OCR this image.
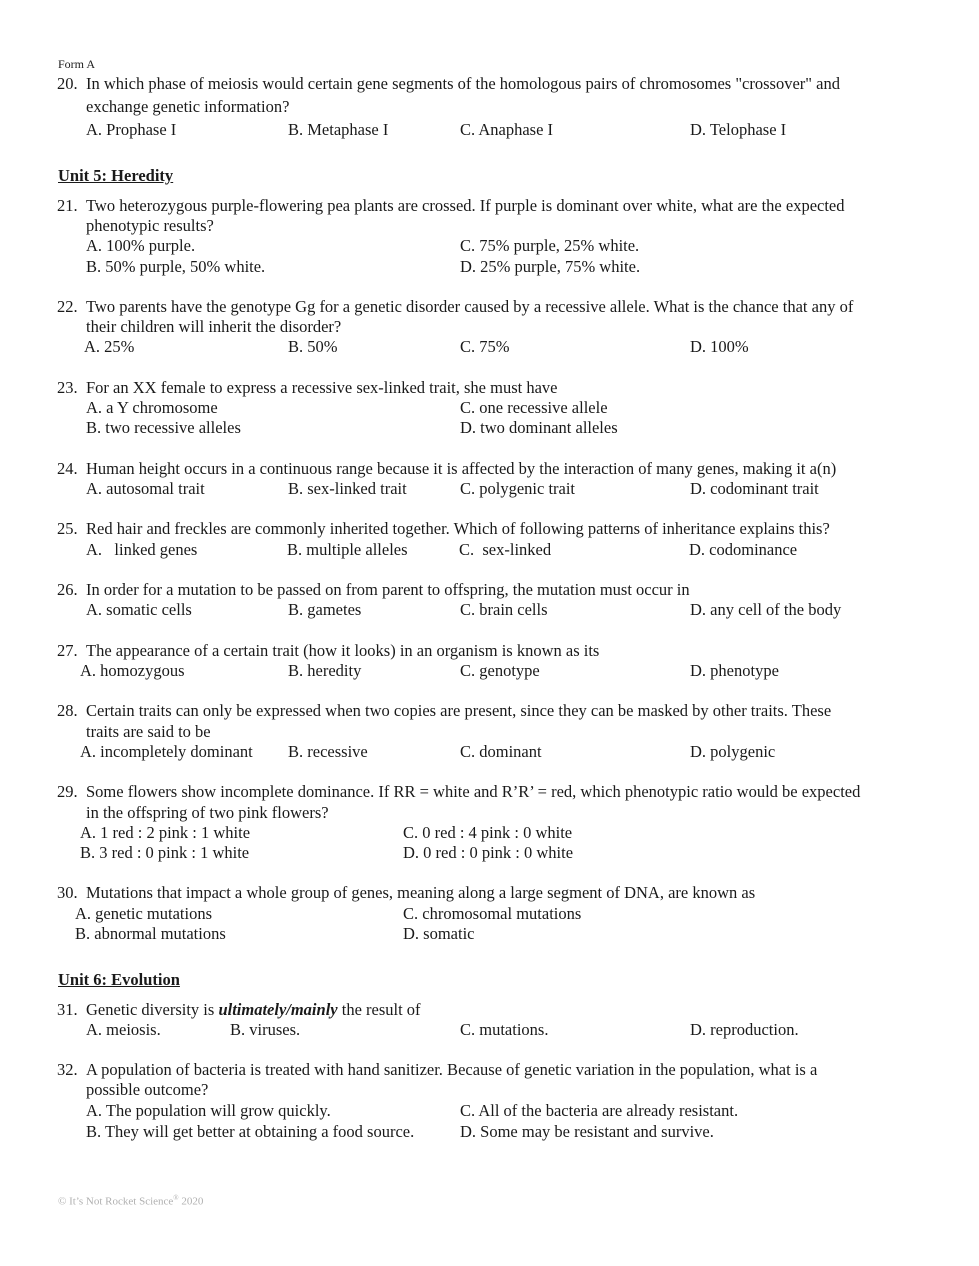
Form A
20. In which phase of meiosis would certain gene segments of the homologous pairs of chromosomes "crossover" and
exchange genetic information?
A. Prophase I	B. Metaphase I	C. Anaphase I	D. Telophase I
Unit 5: Heredity
21. Two heterozygous purple-flowering pea plants are crossed. If purple is dominant over white, what are the expected
phenotypic results?
A. 100% purple.	C. 75% purple, 25% white.
B. 50% purple, 50% white.	D. 25% purple, 75% white.
22. Two parents have the genotype Gg for a genetic disorder caused by a recessive allele. What is the chance that any of
their children will inherit the disorder?
A. 25%	B. 50%	C. 75%	D. 100%
23. For an XX female to express a recessive sex-linked trait, she must have
A. a Y chromosome	C. one recessive allele
B. two recessive alleles	D. two dominant alleles
24. Human height occurs in a continuous range because it is affected by the interaction of many genes, making it a(n)
A. autosomal trait	B. sex-linked trait	C. polygenic trait	D. codominant trait
25. Red hair and freckles are commonly inherited together. Which of following patterns of inheritance explains this?
A.   linked genes	B. multiple alleles	C.  sex-linked	D. codominance
26. In order for a mutation to be passed on from parent to offspring, the mutation must occur in
A. somatic cells	B. gametes	C. brain cells	D. any cell of the body
27. The appearance of a certain trait (how it looks) in an organism is known as its
A. homozygous	B. heredity	C. genotype	D. phenotype
28. Certain traits can only be expressed when two copies are present, since they can be masked by other traits. These
traits are said to be
A. incompletely dominant B. recessive	C. dominant	D. polygenic
29. Some flowers show incomplete dominance. If RR = white and R’R’ = red, which phenotypic ratio would be expected
in the offspring of two pink flowers?
A. 1 red : 2 pink : 1 white	C. 0 red : 4 pink : 0 white
B. 3 red : 0 pink : 1 white	D. 0 red : 0 pink : 0 white
30. Mutations that impact a whole group of genes, meaning along a large segment of DNA, are known as
A. genetic mutations	C. chromosomal mutations
B. abnormal mutations	D. somatic
Unit 6: Evolution
31. Genetic diversity is ultimately/mainly the result of
A. meiosis.	B. viruses.	C. mutations.	D. reproduction.
32. A population of bacteria is treated with hand sanitizer. Because of genetic variation in the population, what is a
possible outcome?
A. The population will grow quickly.	C. All of the bacteria are already resistant.
B. They will get better at obtaining a food source.	D. Some may be resistant and survive.
© It’s Not Rocket Science® 2020
